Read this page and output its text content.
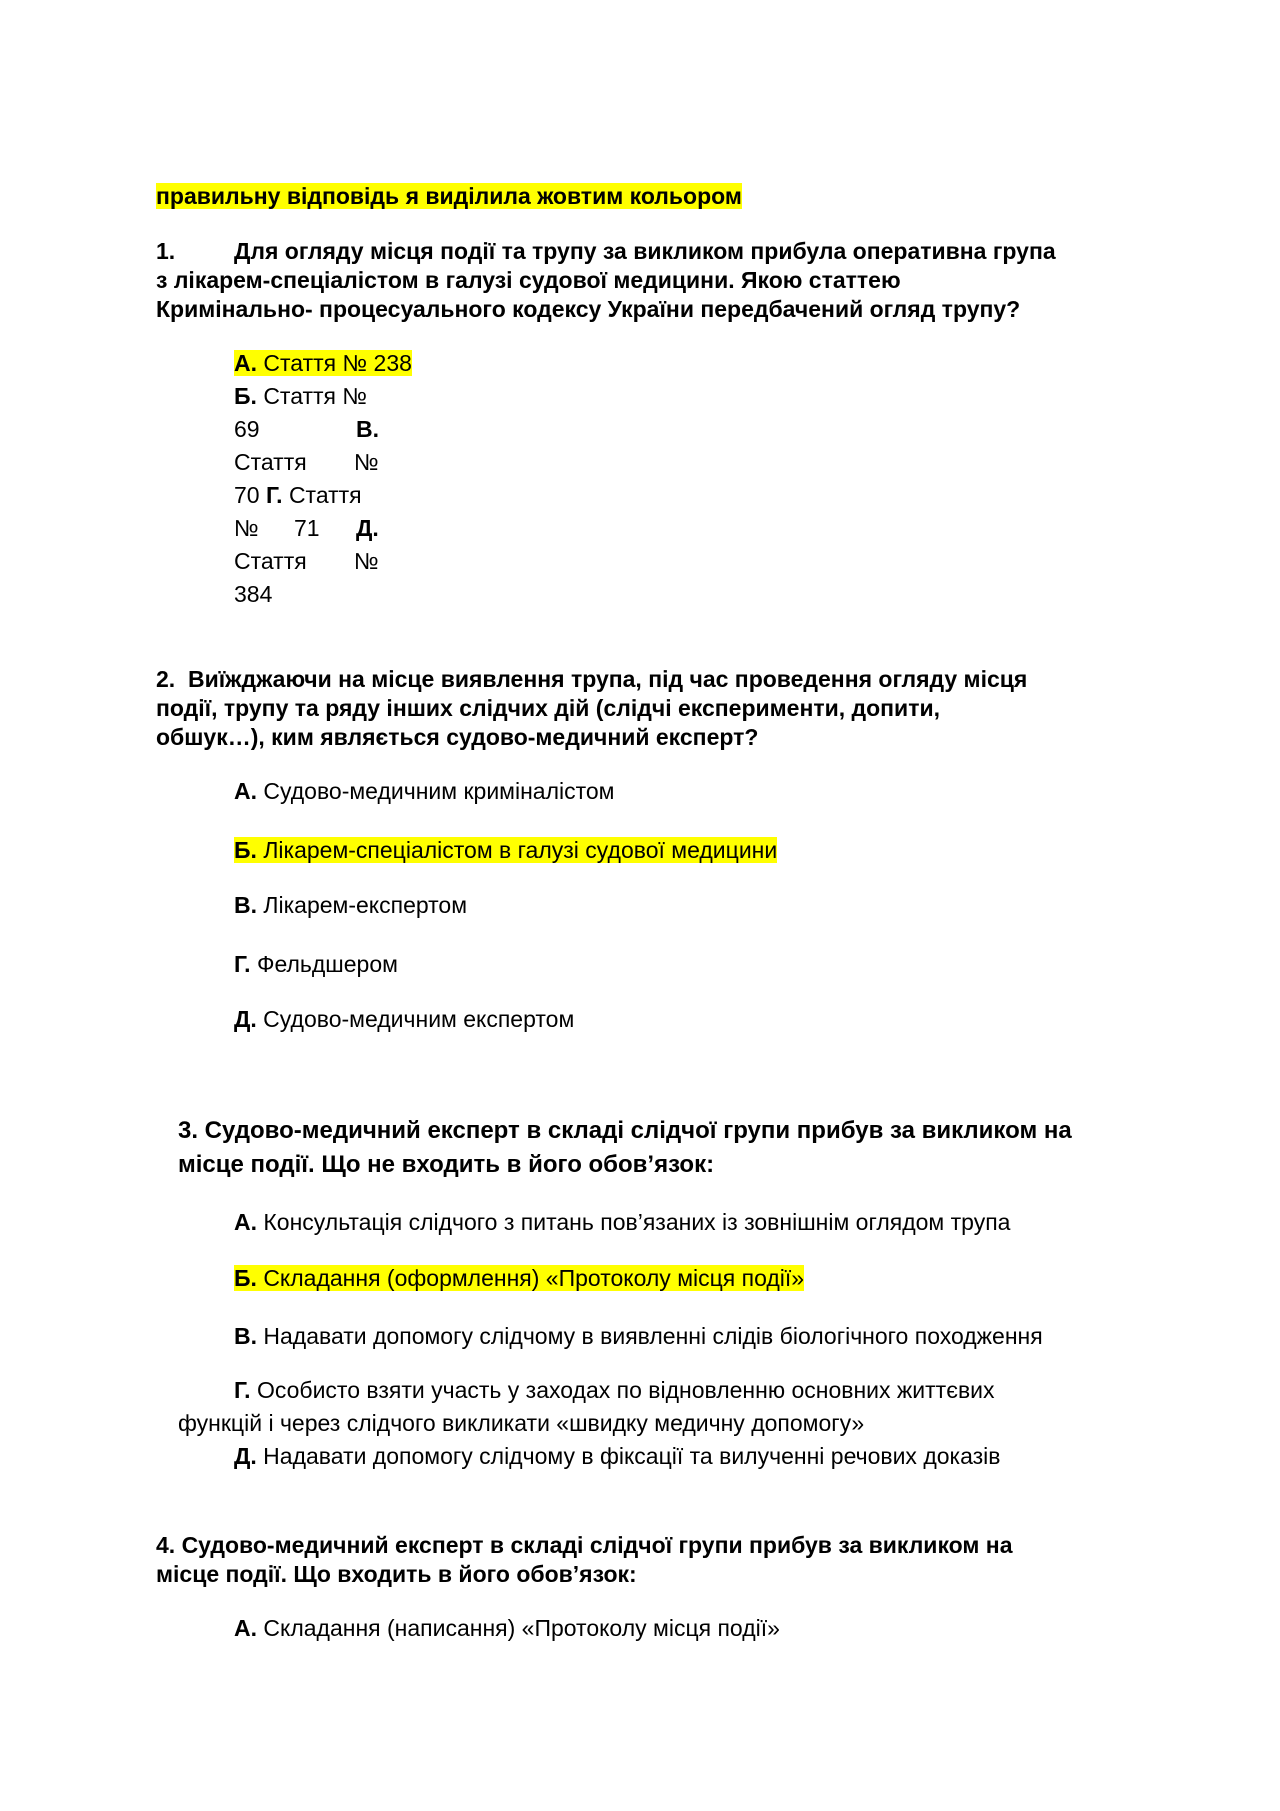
правильну відповідь я виділила жовтим кольором
1.	Для огляду місця події та трупу за викликом прибула оперативна група
з лікарем-спеціалістом в галузі судової медицини. Якою статтею
Кримінально- процесуального кодексу України передбачений огляд трупу?
А. Стаття № 238
Б. Стаття №
69	В.
Стаття №
70 Г. Стаття
№ 71 Д.
Стаття №
384
2. Виїжджаючи на місце виявлення трупа, під час проведення огляду місця
події, трупу та ряду інших слідчих дій (слідчі експерименти, допити,
обшук…), ким являється судово-медичний експерт?
А. Судово-медичним криміналістом
Б. Лікарем-спеціалістом в галузі судової медицини
В. Лікарем-експертом
Г. Фельдшером
Д. Судово-медичним експертом
3. Судово-медичний експерт в складі слідчої групи прибув за викликом на
місце події. Що не входить в його обов’язок:
А. Консультація слідчого з питань пов’язаних із зовнішнім оглядом трупа
Б. Складання (оформлення) «Протоколу місця події»
В. Надавати допомогу слідчому в виявленні слідів біологічного походження
Г. Особисто взяти участь у заходах по відновленню основних життєвих
функцій і через слідчого викликати «швидку медичну допомогу»
Д. Надавати допомогу слідчому в фіксації та вилученні речових доказів
4. Судово-медичний експерт в складі слідчої групи прибув за викликом на
місце події. Що входить в його обов’язок:
А. Складання (написання) «Протоколу місця події»
